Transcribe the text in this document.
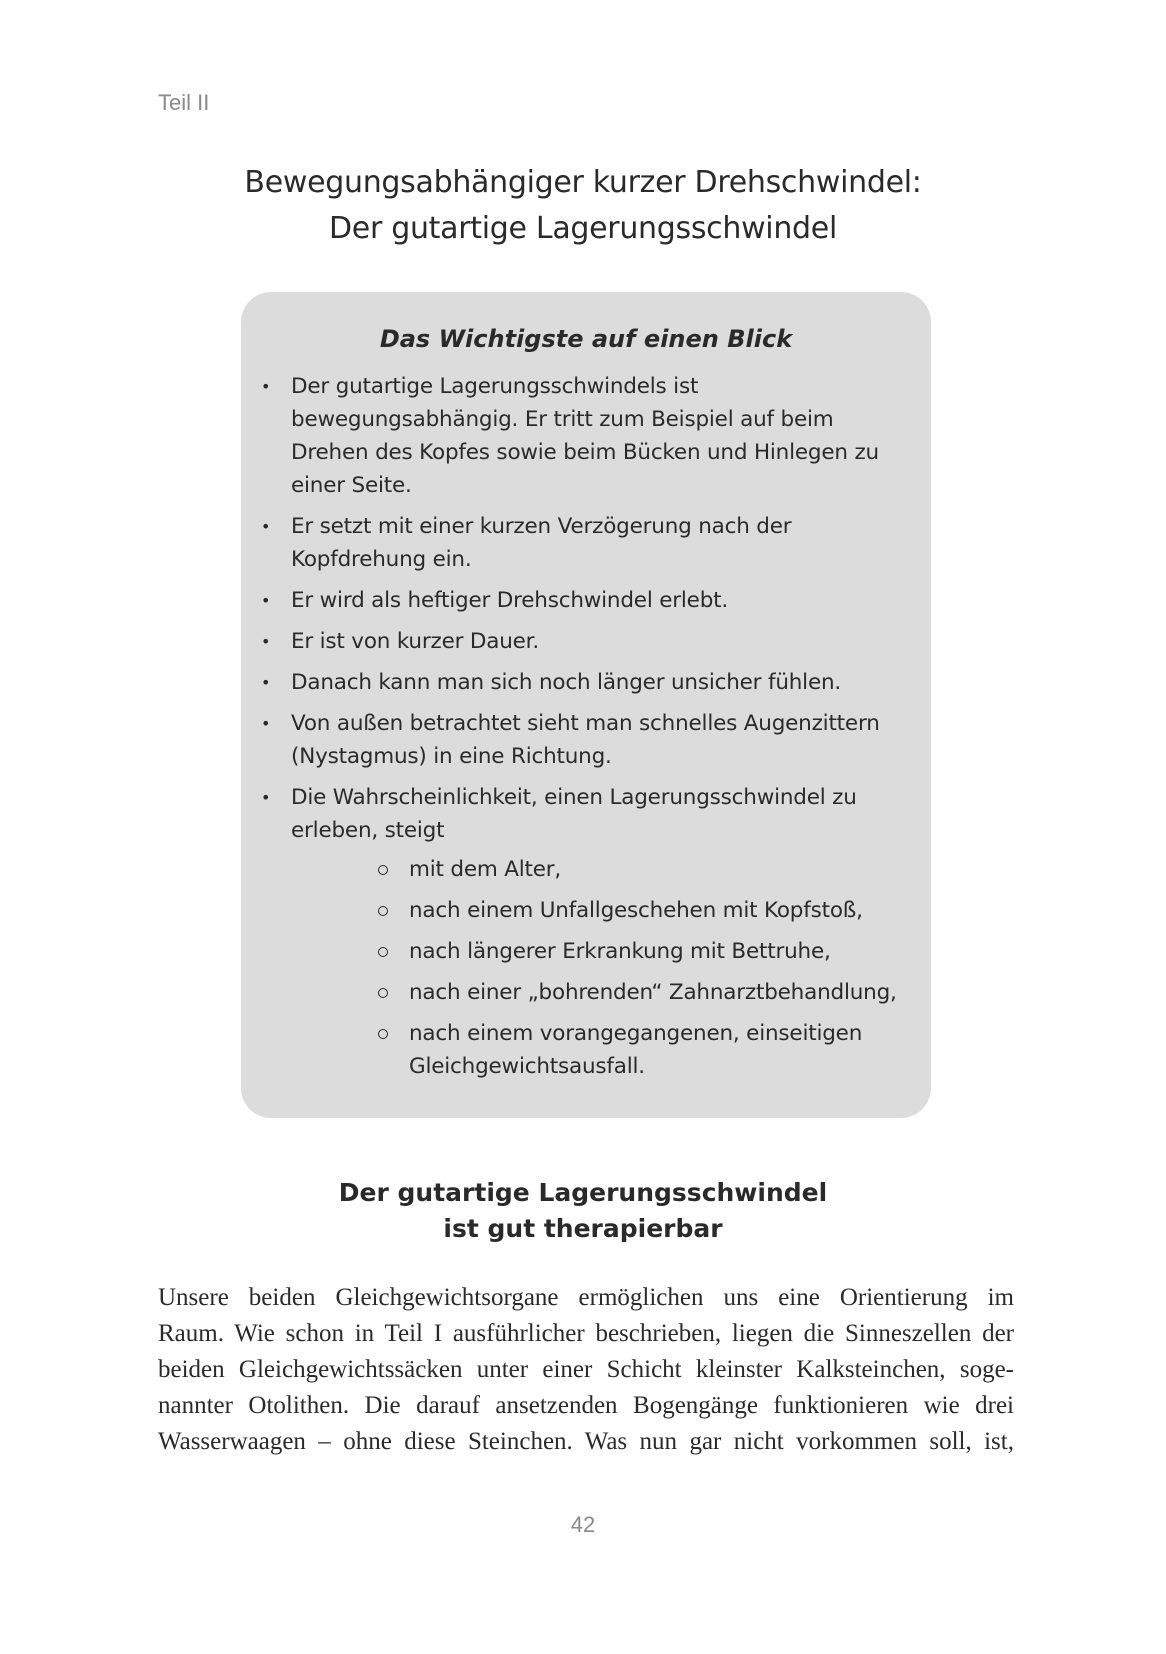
Teil II
Bewegungsabhängiger kurzer Drehschwindel:
Der gutartige Lagerungsschwindel
Das Wichtigste auf einen Blick
• Der gutartige Lagerungsschwindels ist bewegungsabhängig. Er tritt zum Beispiel auf beim Drehen des Kopfes sowie beim Bücken und Hinlegen zu einer Seite.
• Er setzt mit einer kurzen Verzögerung nach der Kopfdrehung ein.
• Er wird als heftiger Drehschwindel erlebt.
• Er ist von kurzer Dauer.
• Danach kann man sich noch länger unsicher fühlen.
• Von außen betrachtet sieht man schnelles Augenzittern (Nystagmus) in eine Richtung.
• Die Wahrscheinlichkeit, einen Lagerungsschwindel zu erleben, steigt
mit dem Alter,
nach einem Unfallgeschehen mit Kopfstoß,
nach längerer Erkrankung mit Bettruhe,
nach einer „bohrenden“ Zahnarztbehandlung,
nach einem vorangegangenen, einseitigen Gleichgewichtsausfall.
Der gutartige Lagerungsschwindel
ist gut therapierbar
Unsere beiden Gleichgewichtsorgane ermöglichen uns eine Orientierung im
Raum. Wie schon in Teil I ausführlicher beschrieben, liegen die Sinneszellen der
beiden Gleichgewichtssäcken unter einer Schicht kleinster Kalksteinchen, soge-
nannter Otolithen. Die darauf ansetzenden Bogengänge funktionieren wie drei
Wasserwaagen – ohne diese Steinchen. Was nun gar nicht vorkommen soll, ist,
42
